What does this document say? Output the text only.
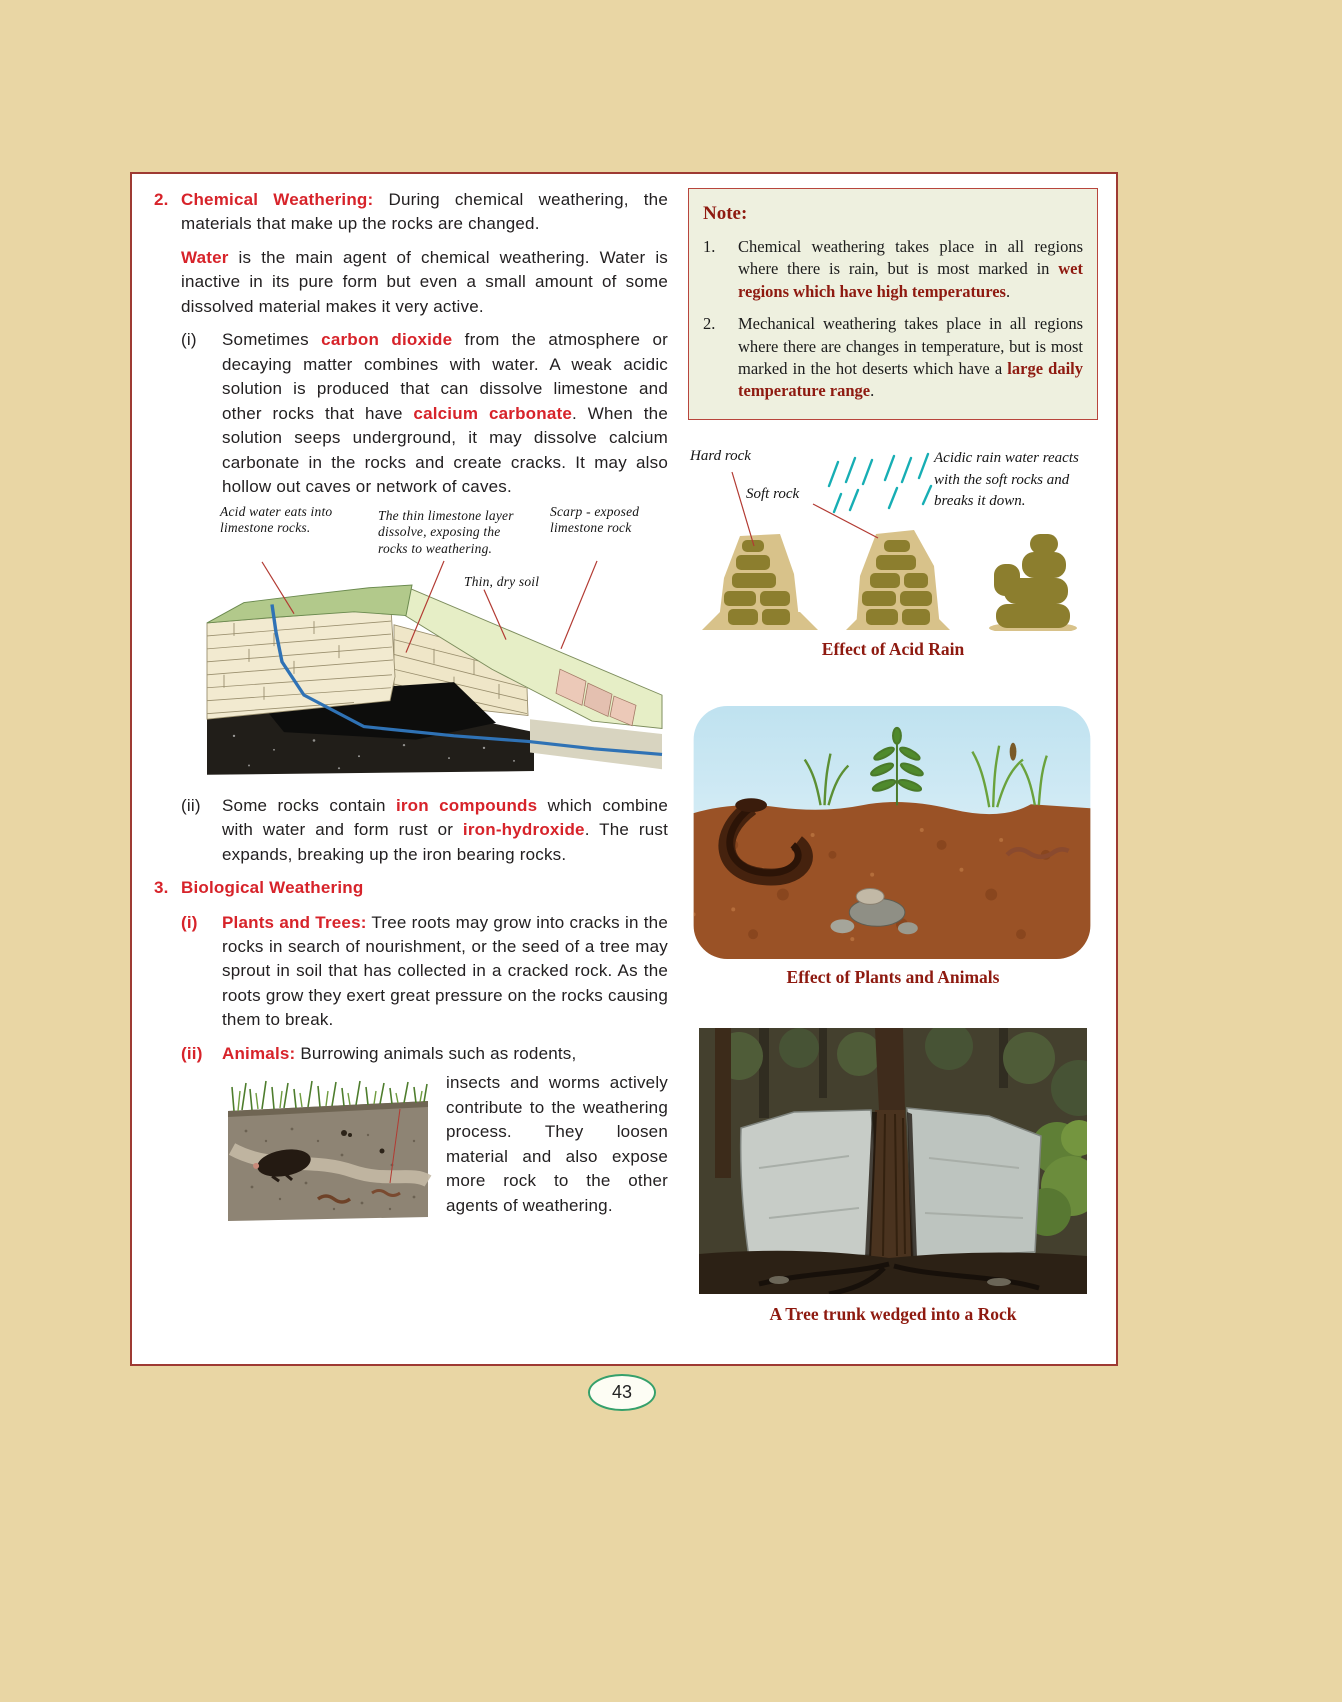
2. Chemical Weathering: During chemical weathering, the materials that make up the rocks are changed.

Water is the main agent of chemical weathering. Water is inactive in its pure form but even a small amount of some dissolved material makes it very active.

(i)	Sometimes carbon dioxide from the atmosphere or decaying matter combines with water. A weak acidic solution is produced that can dissolve limestone and other rocks that have calcium carbonate. When the solution seeps underground, it may dissolve calcium carbonate in the rocks and create cracks. It may also hollow out caves or network of caves.

Acid water eats into limestone rocks.
The thin limestone layer dissolve, exposing the rocks to weathering.
Scarp - exposed limestone rock
Thin, dry soil
(ii)	Some rocks contain iron compounds which combine with water and form rust or iron-hydroxide. The rust expands, breaking up the iron bearing rocks.

3. Biological Weathering

(i)	Plants and Trees: Tree roots may grow into cracks in the rocks in search of nourishment, or the seed of a tree may sprout in soil that has collected in a cracked rock. As the roots grow they exert great pressure on the rocks causing them to break.

(ii)	Animals: Burrowing animals such as rodents,

insects and worms actively contribute to the weathering process. They loosen material and also expose more rock to the other agents of weathering.

Note:
1.	Chemical weathering takes place in all regions where there is rain, but is most marked in wet regions which have high temperatures.

2.	Mechanical weathering takes place in all regions where there are changes in temperature, but is most marked in the hot deserts which have a large daily temperature range.

Hard rock
Soft rock
Acidic rain water reacts with the soft rocks and breaks it down.
Effect of Acid Rain
Effect of Plants and Animals
A Tree trunk wedged into a Rock
43
